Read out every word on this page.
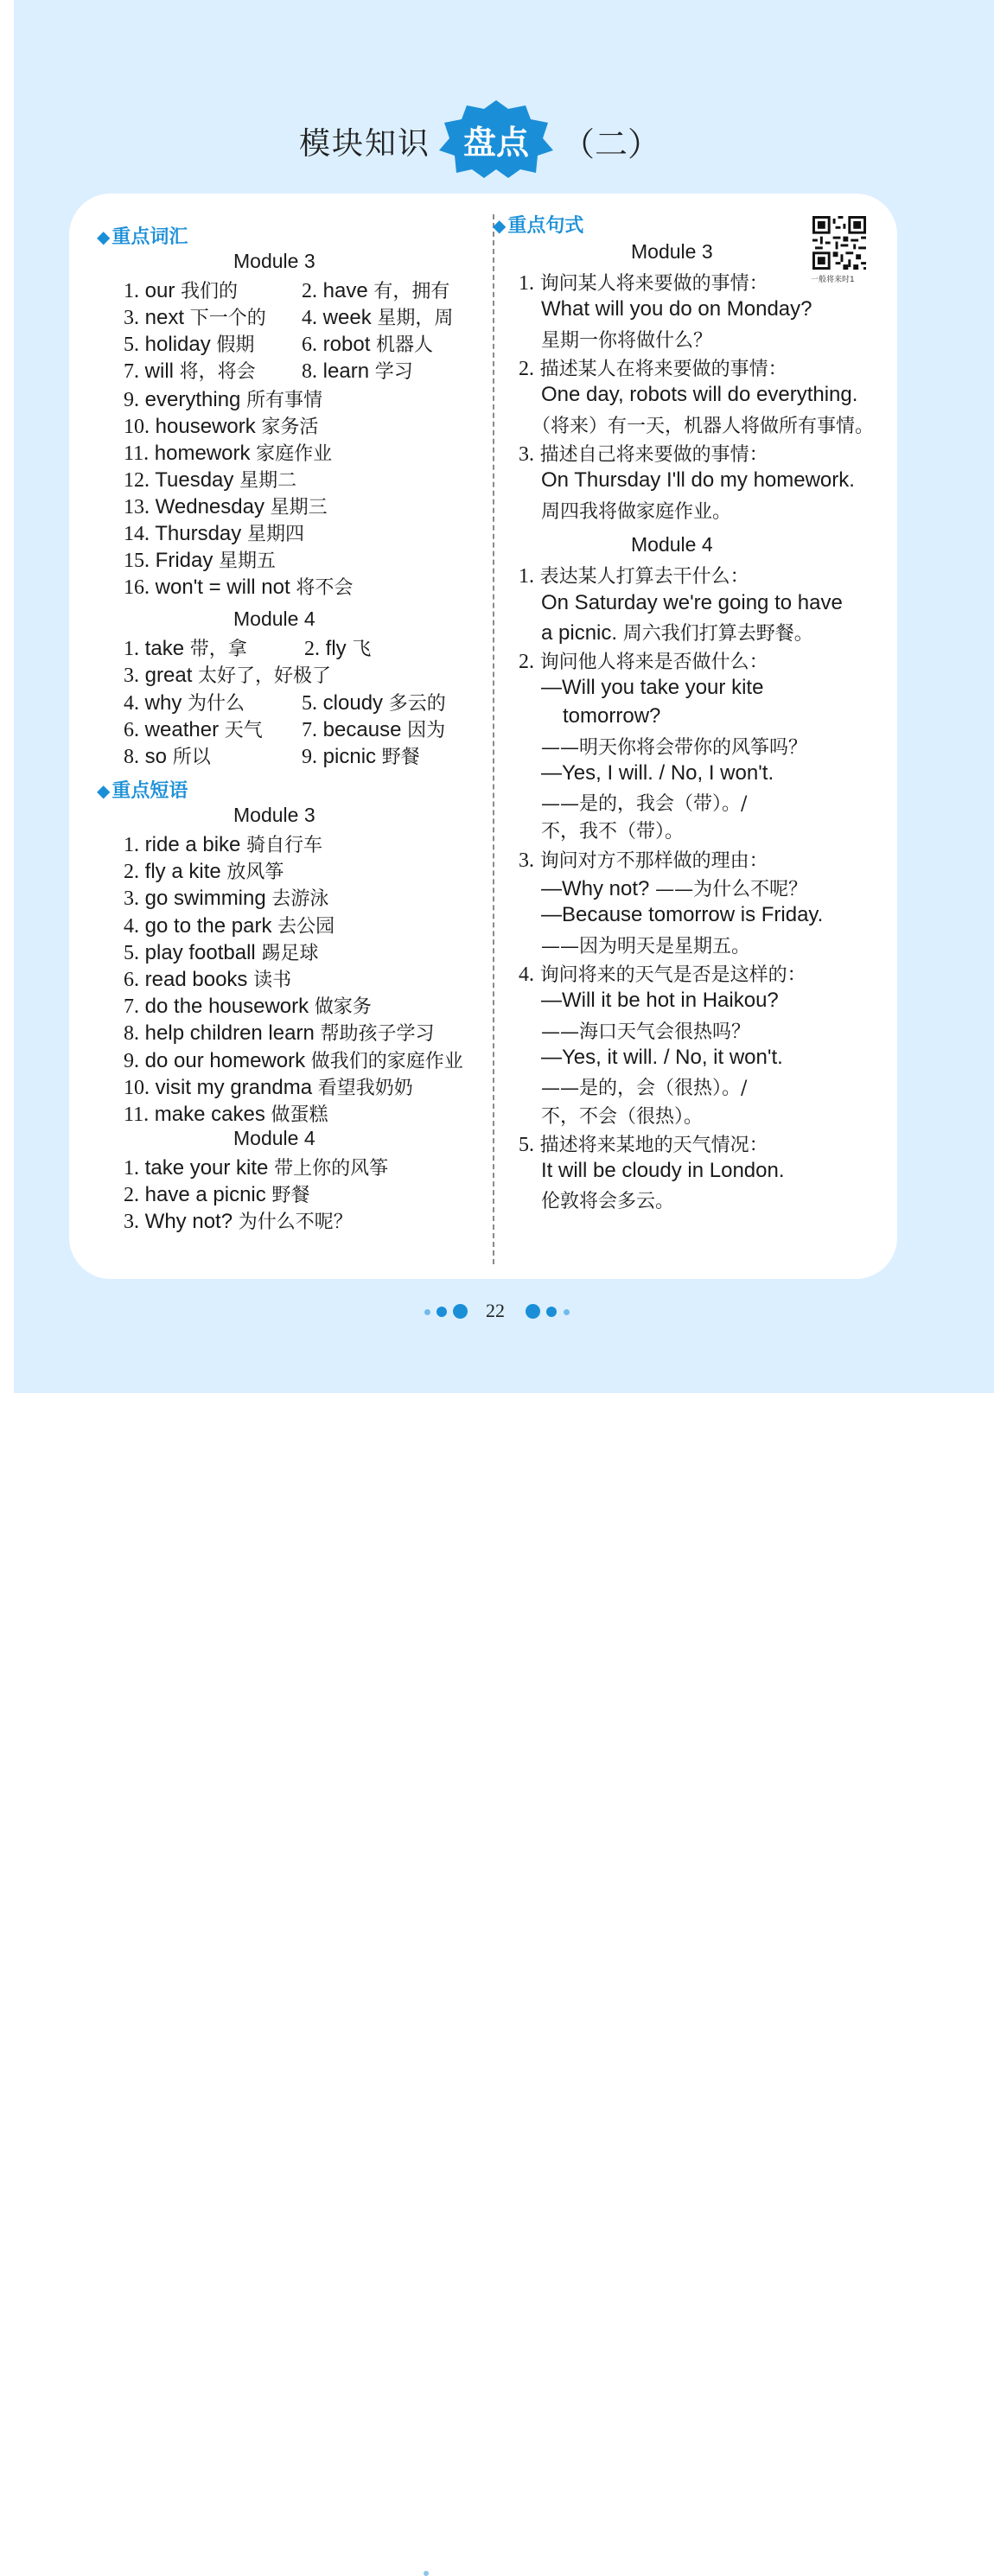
模块知识 盘点	（二）
◆重点词汇
Module 3
1. our 我们的	2. have 有，拥有
3. next 下一个的 4. week 星期，周
5. holiday 假期 6. robot 机器人
7. will 将，将会 8. learn 学习
9. everything 所有事情
10. housework 家务活
11. homework 家庭作业
12. Tuesday 星期二
13. Wednesday 星期三
14. Thursday 星期四
15. Friday 星期五
16. won't = will not 将不会
Module 4
1. take 带，拿	2. fly 飞
3. great 太好了，好极了
4. why 为什么	5. cloudy 多云的
6. weather 天气 7. because 因为
8. so 所以	9. picnic 野餐
◆重点短语
Module 3
1. ride a bike 骑自行车
2. fly a kite 放风筝
3. go swimming 去游泳
4. go to the park 去公园
5. play football 踢足球
6. read books 读书
7. do the housework 做家务
8. help children learn 帮助孩子学习
9. do our homework 做我们的家庭作业
10. visit my grandma 看望我奶奶
11. make cakes 做蛋糕
Module 4
1. take your kite 带上你的风筝
2. have a picnic 野餐
3. Why not? 为什么不呢？
◆重点句式
Module 3
1. 询问某人将来要做的事情：
What will you do on Monday?
星期一你将做什么？
2. 描述某人在将来要做的事情：
One day, robots will do everything.
（将来）有一天，机器人将做所有事情。
3. 描述自己将来要做的事情：
On Thursday I'll do my homework.
周四我将做家庭作业。
Module 4
1. 表达某人打算去干什么：
On Saturday we're going to have
a picnic. 周六我们打算去野餐。
2. 询问他人将来是否做什么：
—Will you take your kite
tomorrow?
——明天你将会带你的风筝吗？
—Yes, I will. / No, I won't.
——是的，我会（带）。/
不，我不（带）。
3. 询问对方不那样做的理由：
—Why not? ——为什么不呢？
—Because tomorrow is Friday.
——因为明天是星期五。
4. 询问将来的天气是否是这样的：
—Will it be hot in Haikou?
——海口天气会很热吗？
—Yes, it will. / No, it won't.
——是的，会（很热）。/
不，不会（很热）。
5. 描述将来某地的天气情况：
It will be cloudy in London.
伦敦将会多云。
一般将来时1
22
